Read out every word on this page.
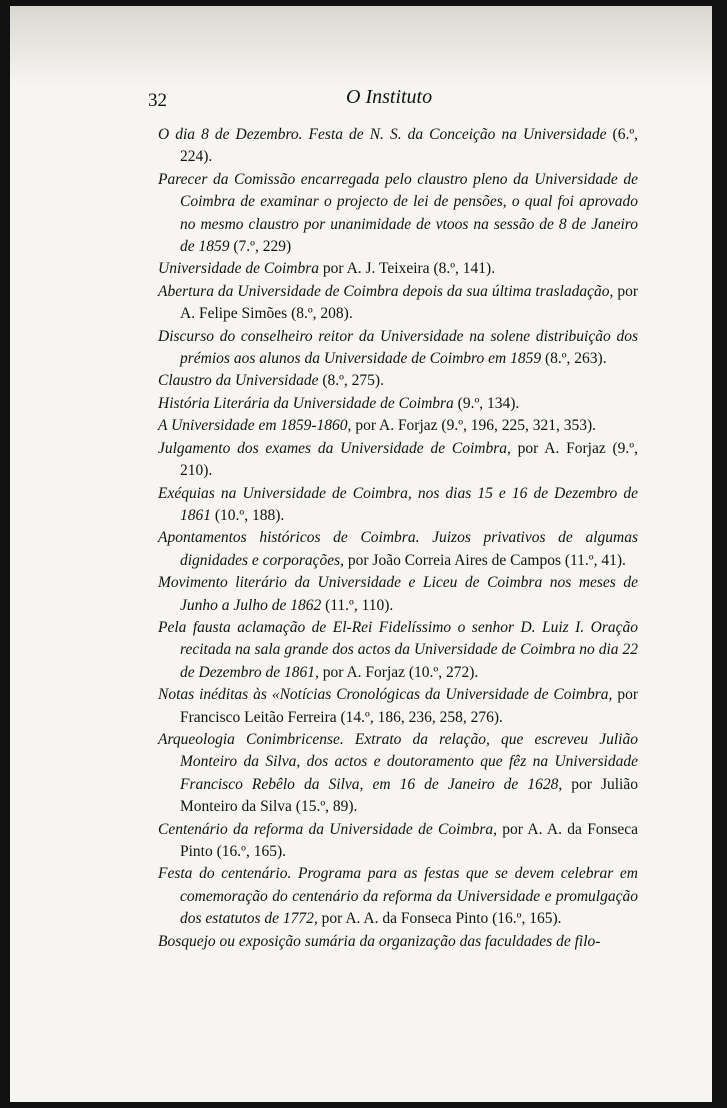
32	O Instituto

O dia 8 de Dezembro. Festa de N. S. da Conceição na Universidade (6.º, 224).

Parecer da Comissão encarregada pelo claustro pleno da Universidade de Coimbra de examinar o projecto de lei de pensões, o qual foi aprovado no mesmo claustro por unanimidade de vtoos na sessão de 8 de Janeiro de 1859 (7.º, 229)

Universidade de Coimbra por A. J. Teixeira (8.º, 141).

Abertura da Universidade de Coimbra depois da sua última trasladação, por A. Felipe Simões (8.º, 208).

Discurso do conselheiro reitor da Universidade na solene distribuição dos prémios aos alunos da Universidade de Coimbro em 1859 (8.º, 263).

Claustro da Universidade (8.º, 275).

História Literária da Universidade de Coimbra (9.º, 134).

A Universidade em 1859-1860, por A. Forjaz (9.º, 196, 225, 321, 353).

Julgamento dos exames da Universidade de Coimbra, por A. Forjaz (9.º, 210).

Exéquias na Universidade de Coimbra, nos dias 15 e 16 de Dezembro de 1861 (10.º, 188).

Apontamentos históricos de Coimbra. Juizos privativos de algumas dignidades e corporações, por João Correia Aires de Campos (11.º, 41).

Movimento literário da Universidade e Liceu de Coimbra nos meses de Junho a Julho de 1862 (11.º, 110).

Pela fausta aclamação de El-Rei Fidelíssimo o senhor D. Luiz I. Oração recitada na sala grande dos actos da Universidade de Coimbra no dia 22 de Dezembro de 1861, por A. Forjaz (10.º, 272).

Notas inéditas às «Notícias Cronológicas da Universidade de Coimbra, por Francisco Leitão Ferreira (14.º, 186, 236, 258, 276).

Arqueologia Conimbricense. Extrato da relação, que escreveu Julião Monteiro da Silva, dos actos e doutoramento que fêz na Universidade Francisco Rebêlo da Silva, em 16 de Janeiro de 1628, por Julião Monteiro da Silva (15.º, 89).

Centenário da reforma da Universidade de Coimbra, por A. A. da Fonseca Pinto (16.º, 165).

Festa do centenário. Programa para as festas que se devem celebrar em comemoração do centenário da reforma da Universidade e promulgação dos estatutos de 1772, por A. A. da Fonseca Pinto (16.º, 165).

Bosquejo ou exposição sumária da organização das faculdades de filo-
